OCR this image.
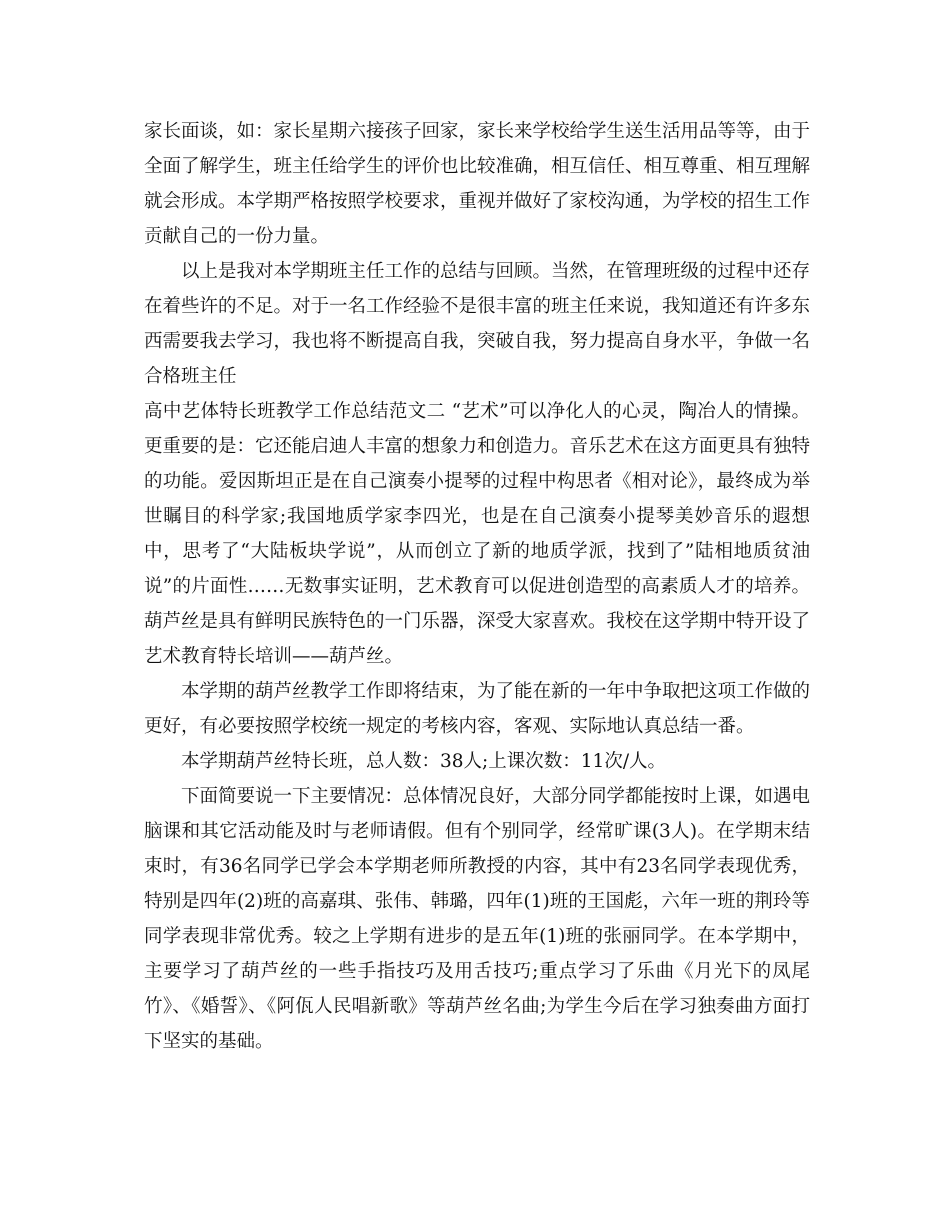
家长面谈，如：家长星期六接孩子回家，家长来学校给学生送生活用品等等，由于全面了解学生，班主任给学生的评价也比较准确，相互信任、相互尊重、相互理解就会形成。本学期严格按照学校要求，重视并做好了家校沟通，为学校的招生工作贡献自己的一份力量。

以上是我对本学期班主任工作的总结与回顾。当然，在管理班级的过程中还存在着些许的不足。对于一名工作经验不是很丰富的班主任来说，我知道还有许多东西需要我去学习，我也将不断提高自我，突破自我，努力提高自身水平，争做一名合格班主任

高中艺体特长班教学工作总结范文二 “艺术”可以净化人的心灵，陶冶人的情操。更重要的是：它还能启迪人丰富的想象力和创造力。音乐艺术在这方面更具有独特的功能。爱因斯坦正是在自己演奏小提琴的过程中构思者《相对论》，最终成为举世瞩目的科学家;我国地质学家李四光，也是在自己演奏小提琴美妙音乐的遐想中，思考了“大陆板块学说”，从而创立了新的地质学派，找到了”陆相地质贫油说”的片面性……无数事实证明，艺术教育可以促进创造型的高素质人才的培养。葫芦丝是具有鲜明民族特色的一门乐器，深受大家喜欢。我校在这学期中特开设了艺术教育特长培训——葫芦丝。

本学期的葫芦丝教学工作即将结束，为了能在新的一年中争取把这项工作做的更好，有必要按照学校统一规定的考核内容，客观、实际地认真总结一番。

本学期葫芦丝特长班，总人数：38人;上课次数：11次/人。

下面简要说一下主要情况：总体情况良好，大部分同学都能按时上课，如遇电脑课和其它活动能及时与老师请假。但有个别同学，经常旷课(3人)。在学期末结束时，有36名同学已学会本学期老师所教授的内容，其中有23名同学表现优秀，特别是四年(2)班的高嘉琪、张伟、韩璐，四年(1)班的王国彪，六年一班的荆玲等同学表现非常优秀。较之上学期有进步的是五年(1)班的张丽同学。在本学期中，主要学习了葫芦丝的一些手指技巧及用舌技巧;重点学习了乐曲《月光下的凤尾竹》、《婚誓》、《阿佤人民唱新歌》等葫芦丝名曲;为学生今后在学习独奏曲方面打下坚实的基础。
